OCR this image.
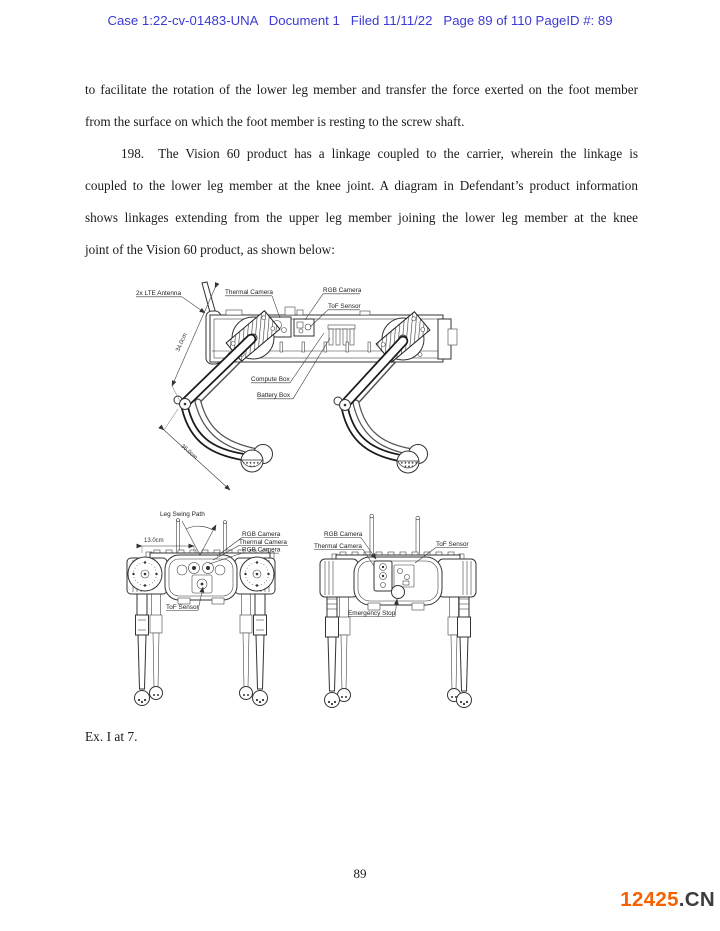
Case 1:22-cv-01483-UNA   Document 1   Filed 11/11/22   Page 89 of 110 PageID #: 89
to facilitate the rotation of the lower leg member and transfer the force exerted on the foot member
from the surface on which the foot member is resting to the screw shaft.
198. The Vision 60 product has a linkage coupled to the carrier, wherein the linkage is
coupled to the lower leg member at the knee joint. A diagram in Defendant’s product information
shows linkages extending from the upper leg member joining the lower leg member at the knee
joint of the Vision 60 product, as shown below:
34.0cm
36.0cm
2x LTE Antenna	Thermal Camera	RGB Camera
ToF Sensor
Compute Box
Battery Box
Leg Swing Path
13.0cm
RGB Camera
Thermal Camera
RGB Camera
ToF Sensor
RGB Camera
Thermal Camera	ToF Sensor
Emergency Stop
Ex. I at 7.
89
12425.CN
